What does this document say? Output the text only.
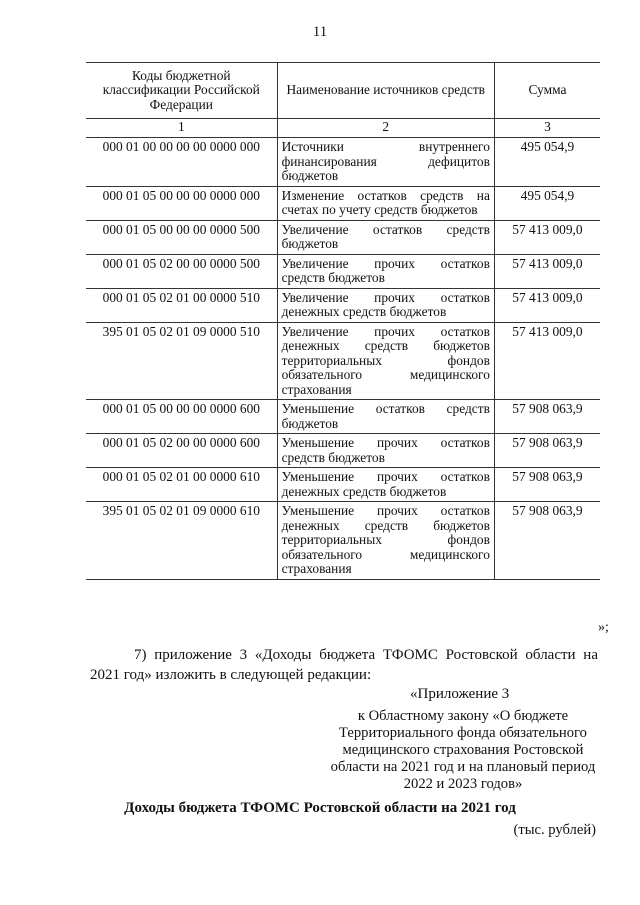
11
Коды бюджетной классификации Российской Федерации	Наименование источников средств	Сумма
1	2	3
000 01 00 00 00 00 0000 000	Источники внутреннего финансирования дефицитов бюджетов	495 054,9
000 01 05 00 00 00 0000 000	Изменение остатков средств на счетах по учету средств бюджетов	495 054,9
000 01 05 00 00 00 0000 500	Увеличение остатков средств бюджетов	57 413 009,0
000 01 05 02 00 00 0000 500	Увеличение прочих остатков средств бюджетов	57 413 009,0
000 01 05 02 01 00 0000 510	Увеличение прочих остатков денежных средств бюджетов	57 413 009,0
395 01 05 02 01 09 0000 510	Увеличение прочих остатков денежных средств бюджетов территориальных фондов обязательного медицинского страхования	57 413 009,0
000 01 05 00 00 00 0000 600	Уменьшение остатков средств бюджетов	57 908 063,9
000 01 05 02 00 00 0000 600	Уменьшение прочих остатков средств бюджетов	57 908 063,9
000 01 05 02 01 00 0000 610	Уменьшение прочих остатков денежных средств бюджетов	57 908 063,9
395 01 05 02 01 09 0000 610	Уменьшение прочих остатков денежных средств бюджетов территориальных фондов обязательного медицинского страхования	57 908 063,9
»;
7) приложение 3 «Доходы бюджета ТФОМС Ростовской области на 2021 год» изложить в следующей редакции:
«Приложение 3
к Областному закону «О бюджете Территориального фонда обязательного медицинского страхования Ростовской области на 2021 год и на плановый период 2022 и 2023 годов»
Доходы бюджета ТФОМС Ростовской области на 2021 год
(тыс. рублей)
